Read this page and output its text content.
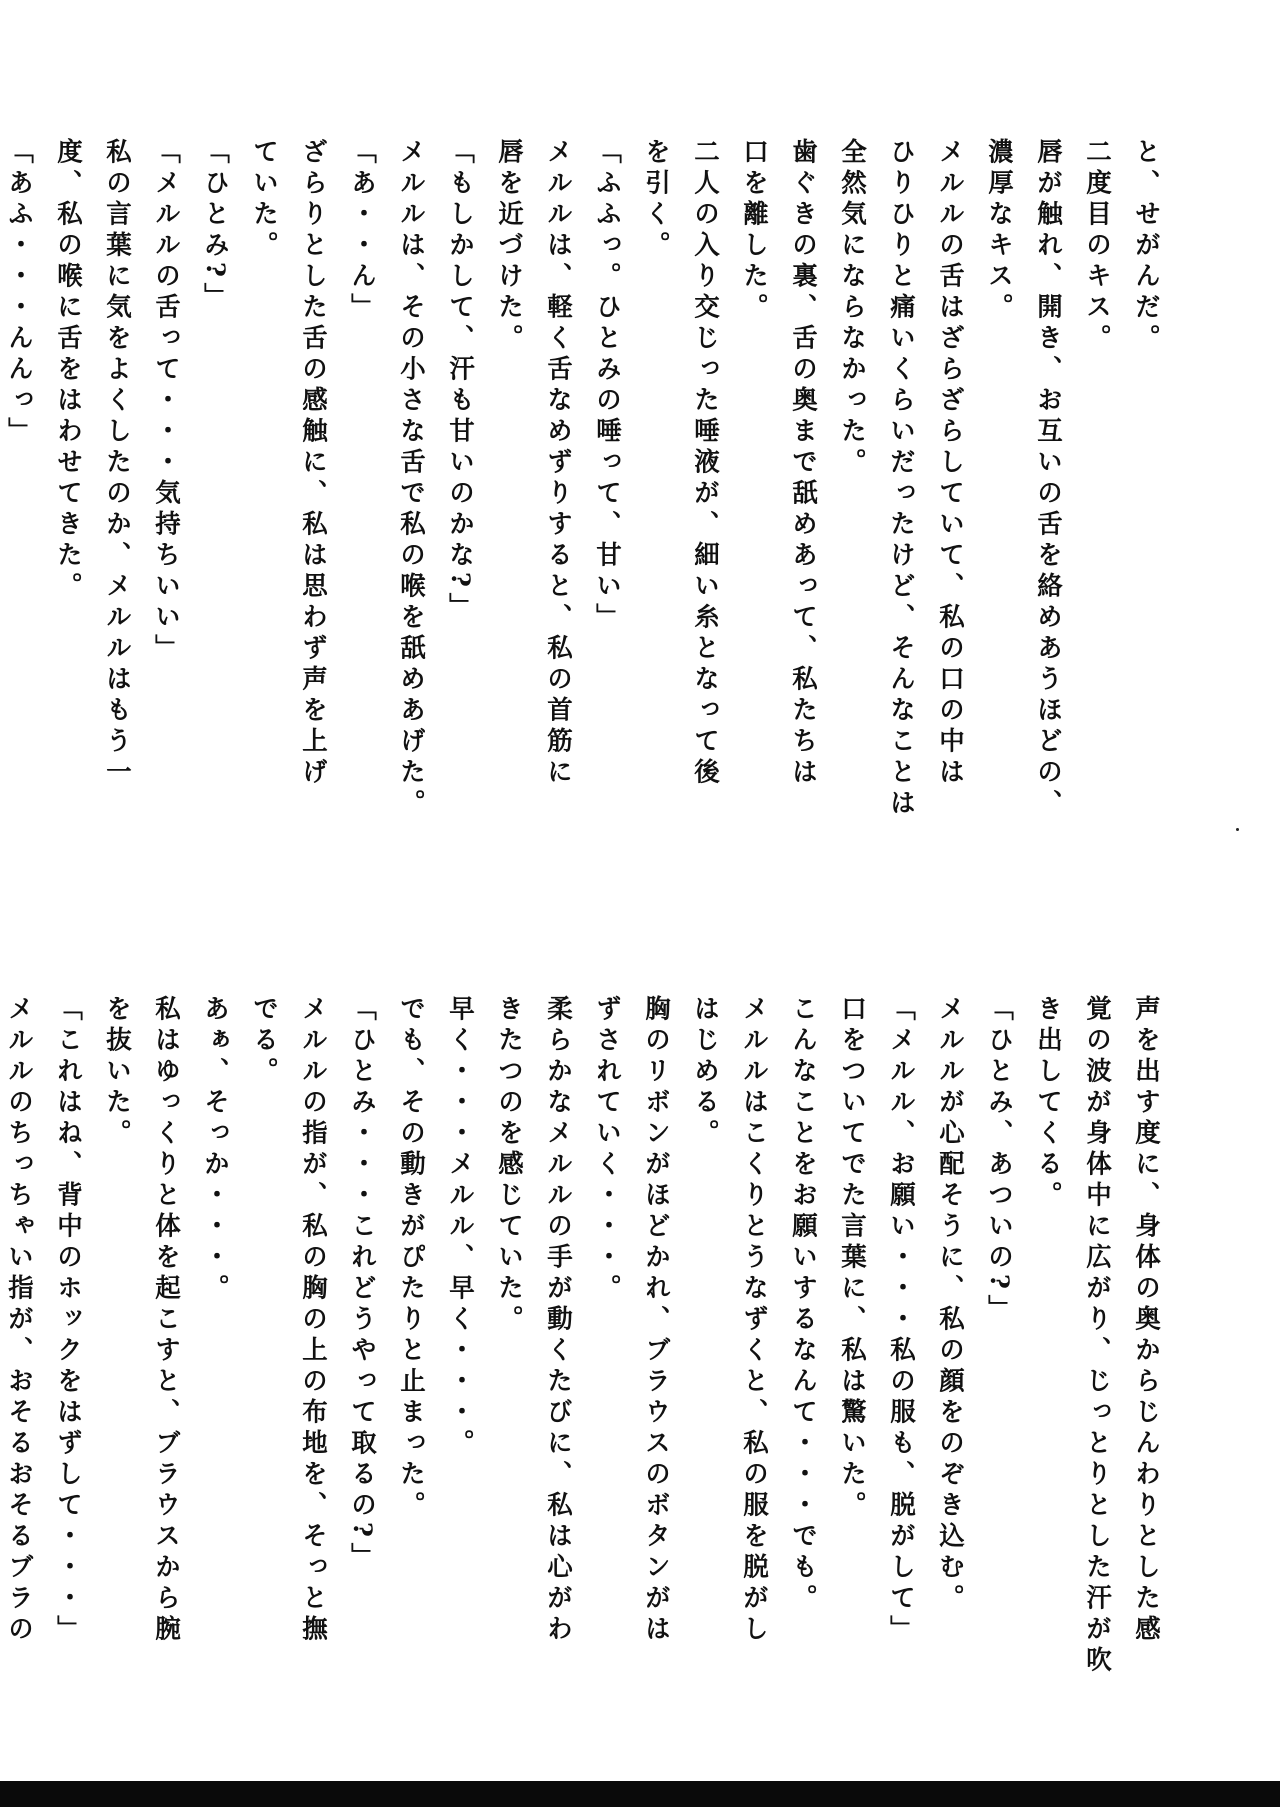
と、せがんだ。
二度目のキス。
唇が触れ、開き、お互いの舌を絡めあうほどの、
濃厚なキス。
メルルの舌はざらざらしていて、私の口の中は
ひりひりと痛いくらいだったけど、そんなことは
全然気にならなかった。
歯ぐきの裏、舌の奥まで舐めあって、私たちは
口を離した。
二人の入り交じった唾液が、細い糸となって後
を引く。
「ふふっ。ひとみの唾って、甘い」
メルルは、軽く舌なめずりすると、私の首筋に
唇を近づけた。
「もしかして、汗も甘いのかな?」
メルルは、その小さな舌で私の喉を舐めあげた。
「あ・・ん」
ざらりとした舌の感触に、私は思わず声を上げ
ていた。
「ひとみ?」
「メルルの舌って・・・気持ちいい」
私の言葉に気をよくしたのか、メルルはもう一
度、私の喉に舌をはわせてきた。
「あふ・・・んんっ」
声を出す度に、身体の奥からじんわりとした感
覚の波が身体中に広がり、じっとりとした汗が吹
き出してくる。
「ひとみ、あついの?」
メルルが心配そうに、私の顔をのぞき込む。
「メルル、お願い・・・私の服も、脱がして」
口をついてでた言葉に、私は驚いた。
こんなことをお願いするなんて・・・でも。
メルルはこくりとうなずくと、私の服を脱がし
はじめる。
胸のリボンがほどかれ、ブラウスのボタンがは
ずされていく・・・。
柔らかなメルルの手が動くたびに、私は心がわ
きたつのを感じていた。
早く・・・メルル、早く・・・。
でも、その動きがぴたりと止まった。
「ひとみ・・・これどうやって取るの?」
メルルの指が、私の胸の上の布地を、そっと撫
でる。
あぁ、そっか・・・。
私はゆっくりと体を起こすと、ブラウスから腕
を抜いた。
「これはね、背中のホックをはずして・・・」
メルルのちっちゃい指が、おそるおそるブラの
